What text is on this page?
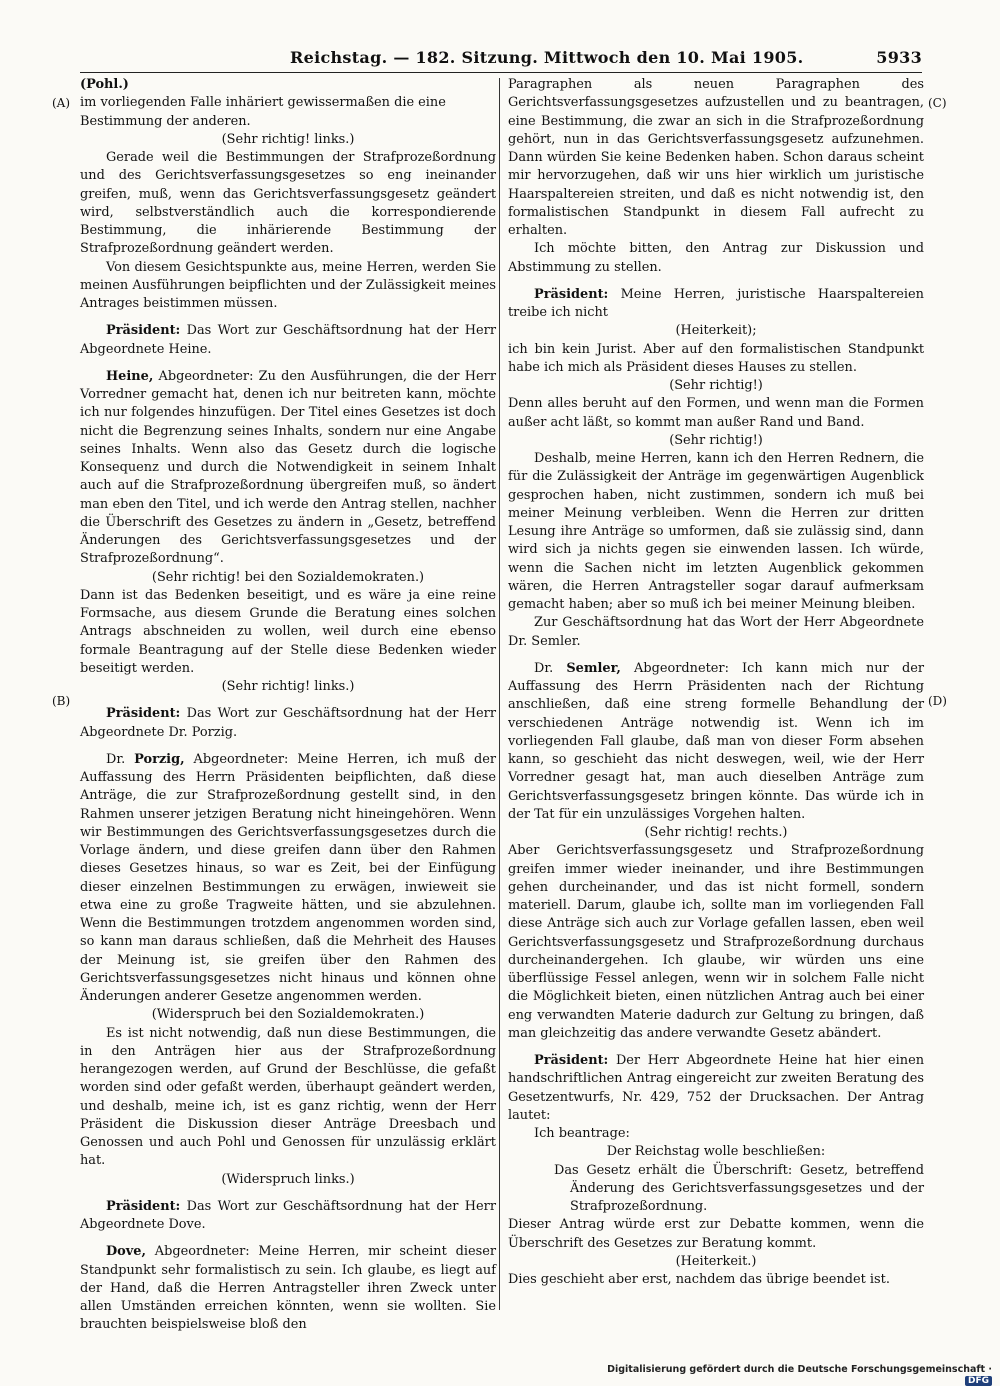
Reichstag. — 182. Sitzung. Mittwoch den 10. Mai 1905.	5933
(A)
(B)
(C)
(D)

(Pohl.)

im vorliegenden Falle inhäriert gewissermaßen die eine

Bestimmung der anderen.

(Sehr richtig! links.)

Gerade weil die Bestimmungen der Strafprozeßordnung und des Gerichtsverfassungsgesetzes so eng ineinander greifen, muß, wenn das Gerichtsverfassungsgesetz geändert wird, selbstverständlich auch die korrespondierende Bestimmung, die inhärierende Bestimmung der Strafprozeßordnung geändert werden.

Von diesem Gesichtspunkte aus, meine Herren, werden Sie meinen Ausführungen beipflichten und der Zulässigkeit meines Antrages beistimmen müssen.

Präsident: Das Wort zur Geschäftsordnung hat der Herr Abgeordnete Heine.

Heine, Abgeordneter: Zu den Ausführungen, die der Herr Vorredner gemacht hat, denen ich nur beitreten kann, möchte ich nur folgendes hinzufügen. Der Titel eines Gesetzes ist doch nicht die Begrenzung seines Inhalts, sondern nur eine Angabe seines Inhalts. Wenn also das Gesetz durch die logische Konsequenz und durch die Notwendigkeit in seinem Inhalt auch auf die Strafprozeßordnung übergreifen muß, so ändert man eben den Titel, und ich werde den Antrag stellen, nachher die Überschrift des Gesetzes zu ändern in „Gesetz, betreffend Änderungen des Gerichtsverfassungsgesetzes und der Strafprozeßordnung“.

(Sehr richtig! bei den Sozialdemokraten.)

Dann ist das Bedenken beseitigt, und es wäre ja eine reine Formsache, aus diesem Grunde die Beratung eines solchen Antrags abschneiden zu wollen, weil durch eine ebenso formale Beantragung auf der Stelle diese Bedenken wieder beseitigt werden.

(Sehr richtig! links.)

Präsident: Das Wort zur Geschäftsordnung hat der Herr Abgeordnete Dr. Porzig.

Dr. Porzig, Abgeordneter: Meine Herren, ich muß der Auffassung des Herrn Präsidenten beipflichten, daß diese Anträge, die zur Strafprozeßordnung gestellt sind, in den Rahmen unserer jetzigen Beratung nicht hineingehören. Wenn wir Bestimmungen des Gerichtsverfassungsgesetzes durch die Vorlage ändern, und diese greifen dann über den Rahmen dieses Gesetzes hinaus, so war es Zeit, bei der Einfügung dieser einzelnen Bestimmungen zu erwägen, inwieweit sie etwa eine zu große Tragweite hätten, und sie abzulehnen. Wenn die Bestimmungen trotzdem angenommen worden sind, so kann man daraus schließen, daß die Mehrheit des Hauses der Meinung ist, sie greifen über den Rahmen des Gerichtsverfassungsgesetzes nicht hinaus und können ohne Änderungen anderer Gesetze angenommen werden.

(Widerspruch bei den Sozialdemokraten.)

Es ist nicht notwendig, daß nun diese Bestimmungen, die in den Anträgen hier aus der Strafprozeßordnung herangezogen werden, auf Grund der Beschlüsse, die gefaßt worden sind oder gefaßt werden, überhaupt geändert werden, und deshalb, meine ich, ist es ganz richtig, wenn der Herr Präsident die Diskussion dieser Anträge Dreesbach und Genossen und auch Pohl und Genossen für unzulässig erklärt hat.

(Widerspruch links.)

Präsident: Das Wort zur Geschäftsordnung hat der Herr Abgeordnete Dove.

Dove, Abgeordneter: Meine Herren, mir scheint dieser Standpunkt sehr formalistisch zu sein. Ich glaube, es liegt auf der Hand, daß die Herren Antragsteller ihren Zweck unter allen Umständen erreichen könnten, wenn sie wollten. Sie brauchten beispielsweise bloß den

Paragraphen als neuen Paragraphen des Gerichtsverfassungsgesetzes aufzustellen und zu beantragen, eine Bestimmung, die zwar an sich in die Strafprozeßordnung gehört, nun in das Gerichtsverfassungsgesetz aufzunehmen. Dann würden Sie keine Bedenken haben. Schon daraus scheint mir hervorzugehen, daß wir uns hier wirklich um juristische Haarspaltereien streiten, und daß es nicht notwendig ist, den formalistischen Standpunkt in diesem Fall aufrecht zu erhalten.

Ich möchte bitten, den Antrag zur Diskussion und Abstimmung zu stellen.

Präsident: Meine Herren, juristische Haarspaltereien treibe ich nicht

(Heiterkeit);

ich bin kein Jurist. Aber auf den formalistischen Standpunkt habe ich mich als Präsident dieses Hauses zu stellen.

(Sehr richtig!)

Denn alles beruht auf den Formen, und wenn man die Formen außer acht läßt, so kommt man außer Rand und Band.

(Sehr richtig!)

Deshalb, meine Herren, kann ich den Herren Rednern, die für die Zulässigkeit der Anträge im gegenwärtigen Augenblick gesprochen haben, nicht zustimmen, sondern ich muß bei meiner Meinung verbleiben. Wenn die Herren zur dritten Lesung ihre Anträge so umformen, daß sie zulässig sind, dann wird sich ja nichts gegen sie einwenden lassen. Ich würde, wenn die Sachen nicht im letzten Augenblick gekommen wären, die Herren Antragsteller sogar darauf aufmerksam gemacht haben; aber so muß ich bei meiner Meinung bleiben.

Zur Geschäftsordnung hat das Wort der Herr Abgeordnete Dr. Semler.

Dr. Semler, Abgeordneter: Ich kann mich nur der Auffassung des Herrn Präsidenten nach der Richtung anschließen, daß eine streng formelle Behandlung der verschiedenen Anträge notwendig ist. Wenn ich im vorliegenden Fall glaube, daß man von dieser Form absehen kann, so geschieht das nicht deswegen, weil, wie der Herr Vorredner gesagt hat, man auch dieselben Anträge zum Gerichtsverfassungsgesetz bringen könnte. Das würde ich in der Tat für ein unzulässiges Vorgehen halten.

(Sehr richtig! rechts.)

Aber Gerichtsverfassungsgesetz und Strafprozeßordnung greifen immer wieder ineinander, und ihre Bestimmungen gehen durcheinander, und das ist nicht formell, sondern materiell. Darum, glaube ich, sollte man im vorliegenden Fall diese Anträge sich auch zur Vorlage gefallen lassen, eben weil Gerichtsverfassungsgesetz und Strafprozeßordnung durchaus durcheinandergehen. Ich glaube, wir würden uns eine überflüssige Fessel anlegen, wenn wir in solchem Falle nicht die Möglichkeit bieten, einen nützlichen Antrag auch bei einer eng verwandten Materie dadurch zur Geltung zu bringen, daß man gleichzeitig das andere verwandte Gesetz abändert.

Präsident: Der Herr Abgeordnete Heine hat hier einen handschriftlichen Antrag eingereicht zur zweiten Beratung des Gesetzentwurfs, Nr. 429, 752 der Drucksachen. Der Antrag lautet:

Ich beantrage:

Der Reichstag wolle beschließen:

Das Gesetz erhält die Überschrift: Gesetz, betreffend Änderung des Gerichtsverfassungsgesetzes und der Strafprozeßordnung.

Dieser Antrag würde erst zur Debatte kommen, wenn die Überschrift des Gesetzes zur Beratung kommt.

(Heiterkeit.)

Dies geschieht aber erst, nachdem das übrige beendet ist.

Digitalisierung gefördert durch die Deutsche Forschungsgemeinschaft ·DFG
